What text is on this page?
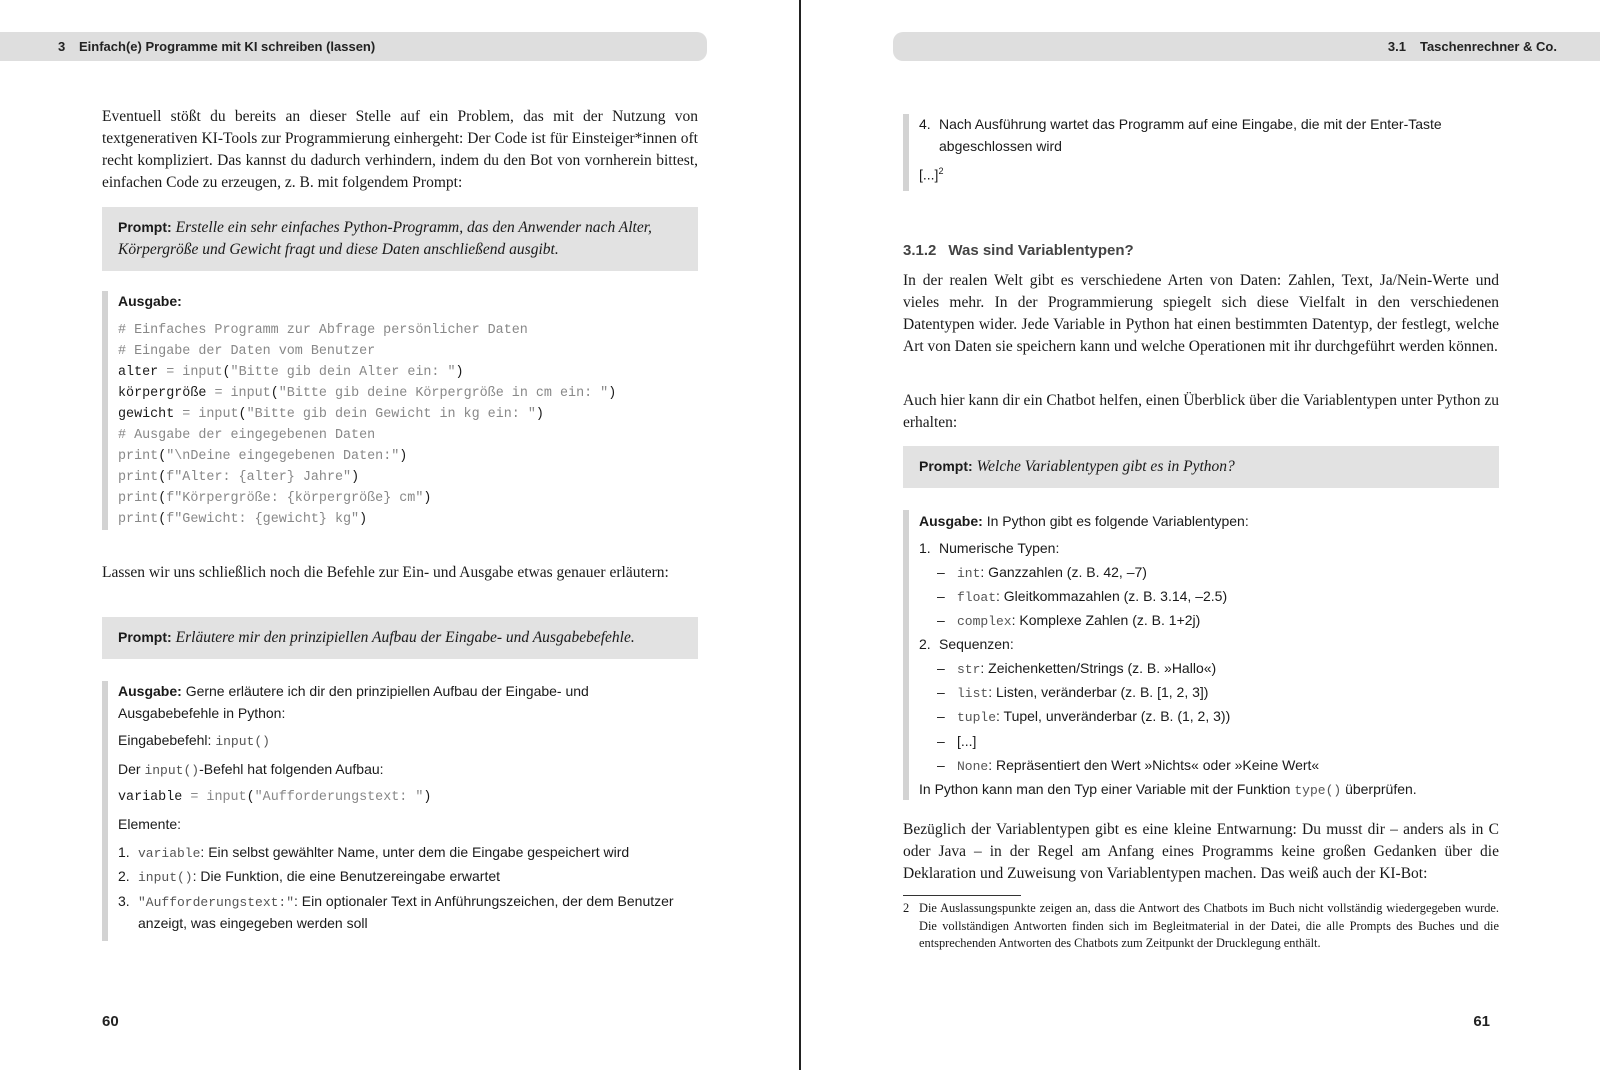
3 Einfach(e) Programme mit KI schreiben (lassen)

Eventuell stößt du bereits an dieser Stelle auf ein Problem, das mit der Nutzung von textgenerativen KI-Tools zur Programmierung einhergeht: Der Code ist für Einsteiger*innen oft recht kompliziert. Das kannst du dadurch verhindern, indem du den Bot von vornherein bittest, einfachen Code zu erzeugen, z. B. mit folgendem Prompt:

Prompt: Erstelle ein sehr einfaches Python-Programm, das den Anwender nach Alter, Körpergröße und Gewicht fragt und diese Daten anschließend ausgibt.
Ausgabe:
# Einfaches Programm zur Abfrage persönlicher Daten
# Eingabe der Daten vom Benutzer
alter = input("Bitte gib dein Alter ein: ")
körpergröße = input("Bitte gib deine Körpergröße in cm ein: ")
gewicht = input("Bitte gib dein Gewicht in kg ein: ")
# Ausgabe der eingegebenen Daten
print("\nDeine eingegebenen Daten:")
print(f"Alter: {alter} Jahre")
print(f"Körpergröße: {körpergröße} cm")
print(f"Gewicht: {gewicht} kg")

Lassen wir uns schließlich noch die Befehle zur Ein- und Ausgabe etwas genauer erläutern:

Prompt: Erläutere mir den prinzipiellen Aufbau der Eingabe- und Ausgabebefehle.
Ausgabe: Gerne erläutere ich dir den prinzipiellen Aufbau der Eingabe- und Ausgabebefehle in Python:
Eingabebefehl: input()
Der input()-Befehl hat folgenden Aufbau:
variable = input("Aufforderungstext: ")
Elemente:
1. variable: Ein selbst gewählter Name, unter dem die Eingabe gespeichert wird
2. input(): Die Funktion, die eine Benutzereingabe erwartet
3. "Aufforderungstext:": Ein optionaler Text in Anführungszeichen, der dem Benutzer anzeigt, was eingegeben werden soll
60
3.1 Taschenrechner & Co.
4. Nach Ausführung wartet das Programm auf eine Eingabe, die mit der Enter-Taste abgeschlossen wird
[...]$^2$
3.1.2 Was sind Variablentypen?

In der realen Welt gibt es verschiedene Arten von Daten: Zahlen, Text, Ja/Nein-Werte und vieles mehr. In der Programmierung spiegelt sich diese Vielfalt in den verschiedenen Datentypen wider. Jede Variable in Python hat einen bestimmten Datentyp, der festlegt, welche Art von Daten sie speichern kann und welche Operationen mit ihr durchgeführt werden können.

Auch hier kann dir ein Chatbot helfen, einen Überblick über die Variablentypen unter Python zu erhalten:

Prompt: Welche Variablentypen gibt es in Python?
Ausgabe: In Python gibt es folgende Variablentypen:
1. Numerische Typen:
– int: Ganzzahlen (z. B. 42, –7)
– float: Gleitkommazahlen (z. B. 3.14, –2.5)
– complex: Komplexe Zahlen (z. B. 1+2j)
2. Sequenzen:
– str: Zeichenketten/Strings (z. B. »Hallo«)
– list: Listen, veränderbar (z. B. [1, 2, 3])
– tuple: Tupel, unveränderbar (z. B. (1, 2, 3))
– [...]
– None: Repräsentiert den Wert »Nichts« oder »Keine Wert«
In Python kann man den Typ einer Variable mit der Funktion type() überprüfen.

Bezüglich der Variablentypen gibt es eine kleine Entwarnung: Du musst dir – anders als in C oder Java – in der Regel am Anfang eines Programms keine großen Gedanken über die Deklaration und Zuweisung von Variablentypen machen. Das weiß auch der KI-Bot:

2 Die Auslassungspunkte zeigen an, dass die Antwort des Chatbots im Buch nicht vollständig wiedergegeben wurde. Die vollständigen Antworten finden sich im Begleitmaterial in der Datei, die alle Prompts des Buches und die entsprechenden Antworten des Chatbots zum Zeitpunkt der Drucklegung enthält.
61
